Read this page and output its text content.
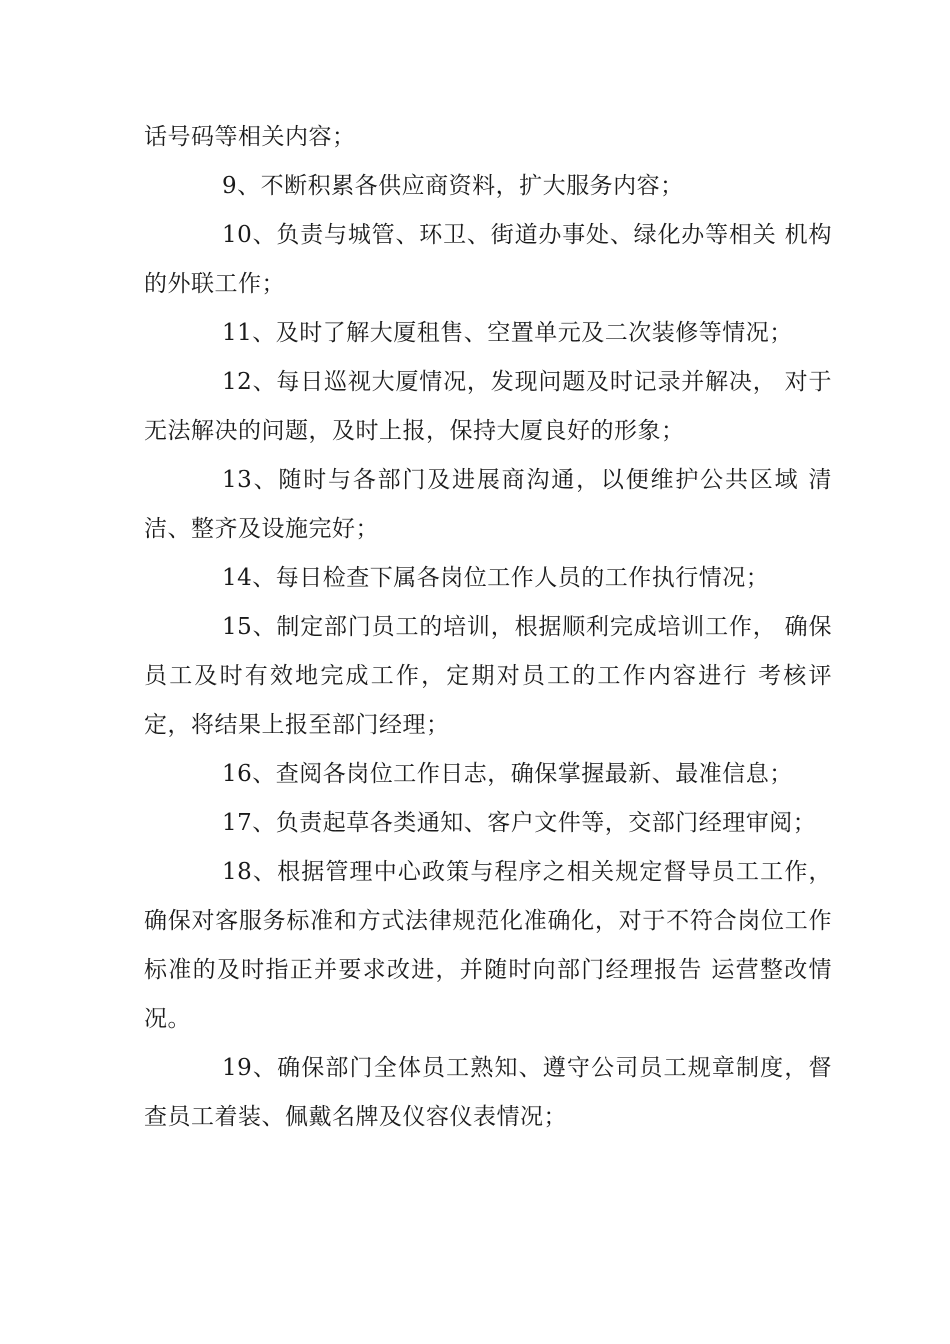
话号码等相关内容；

9、不断积累各供应商资料，扩大服务内容；

10、负责与城管、环卫、街道办事处、绿化办等相关 机构的外联工作；

11、及时了解大厦租售、空置单元及二次装修等情况；

12、每日巡视大厦情况，发现问题及时记录并解决， 对于无法解决的问题，及时上报，保持大厦良好的形象；

13、随时与各部门及进展商沟通，以便维护公共区域 清洁、整齐及设施完好；

14、每日检查下属各岗位工作人员的工作执行情况；

15、制定部门员工的培训，根据顺利完成培训工作， 确保员工及时有效地完成工作，定期对员工的工作内容进行 考核评定，将结果上报至部门经理；

16、查阅各岗位工作日志，确保掌握最新、最准信息；

17、负责起草各类通知、客户文件等，交部门经理审阅；

18、根据管理中心政策与程序之相关规定督导员工工作，确保对客服务标准和方式法律规范化准确化，对于不符合岗位工作标准的及时指正并要求改进，并随时向部门经理报告 运营整改情况。

19、确保部门全体员工熟知、遵守公司员工规章制度，督查员工着装、佩戴名牌及仪容仪表情况；
